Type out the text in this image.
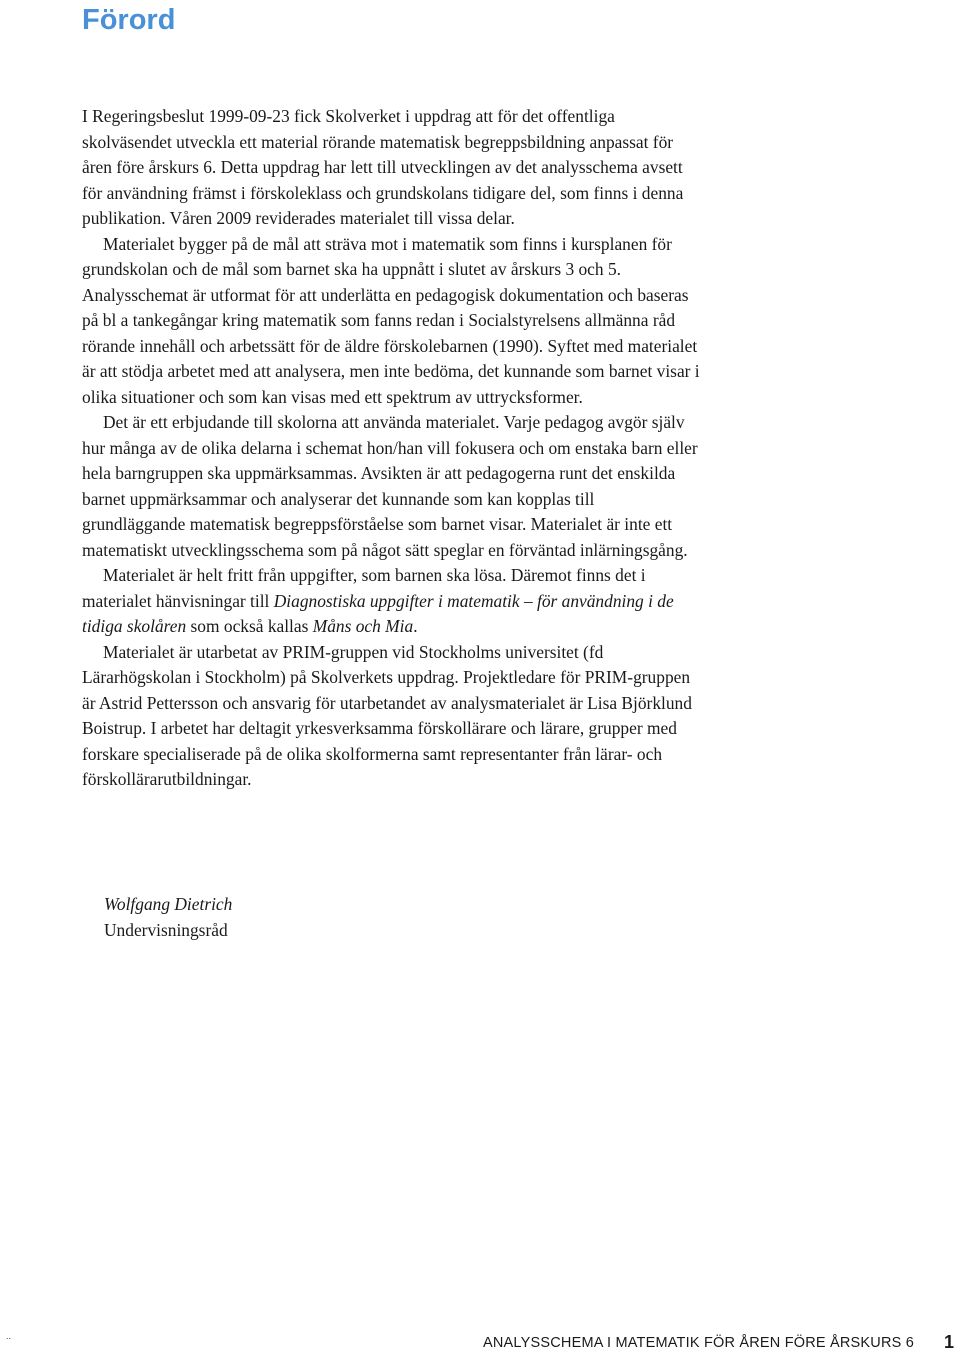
Förord

I Regeringsbeslut 1999-09-23 fick Skolverket i uppdrag att för det offentliga skolväsendet utveckla ett material rörande matematisk begreppsbildning anpassat för åren före årskurs 6. Detta uppdrag har lett till utvecklingen av det analysschema avsett för användning främst i förskoleklass och grundskolans tidigare del, som finns i denna publikation. Våren 2009 reviderades materialet till vissa delar.

Materialet bygger på de mål att sträva mot i matematik som finns i kursplanen för grundskolan och de mål som barnet ska ha uppnått i slutet av årskurs 3 och 5. Analysschemat är utformat för att underlätta en pedagogisk dokumentation och baseras på bl a tankegångar kring matematik som fanns redan i Socialstyrelsens allmänna råd rörande innehåll och arbetssätt för de äldre förskolebarnen (1990). Syftet med materialet är att stödja arbetet med att analysera, men inte bedöma, det kunnande som barnet visar i olika situationer och som kan visas med ett spektrum av uttrycksformer.

Det är ett erbjudande till skolorna att använda materialet. Varje pedagog avgör själv hur många av de olika delarna i schemat hon/han vill fokusera och om enstaka barn eller hela barngruppen ska uppmärksammas. Avsikten är att pedagogerna runt det enskilda barnet uppmärksammar och analyserar det kunnande som kan kopplas till grundläggande matematisk begreppsförståelse som barnet visar. Materialet är inte ett matematiskt utvecklingsschema som på något sätt speglar en förväntad inlärningsgång.

Materialet är helt fritt från uppgifter, som barnen ska lösa. Däremot finns det i materialet hänvisningar till Diagnostiska uppgifter i matematik – för användning i de tidiga skolåren som också kallas Måns och Mia.

Materialet är utarbetat av PRIM-gruppen vid Stockholms universitet (fd Lärarhögskolan i Stockholm) på Skolverkets uppdrag. Projektledare för PRIM-gruppen är Astrid Pettersson och ansvarig för utarbetandet av analysmaterialet är Lisa Björklund Boistrup. I arbetet har deltagit yrkesverksamma förskollärare och lärare, grupper med forskare specialiserade på de olika skolformerna samt representanter från lärar- och förskollärarutbildningar.

Wolfgang Dietrich
Undervisningsråd
..	ANALYSSCHEMA I MATEMATIK FÖR ÅREN FÖRE ÅRSKURS 6 1
